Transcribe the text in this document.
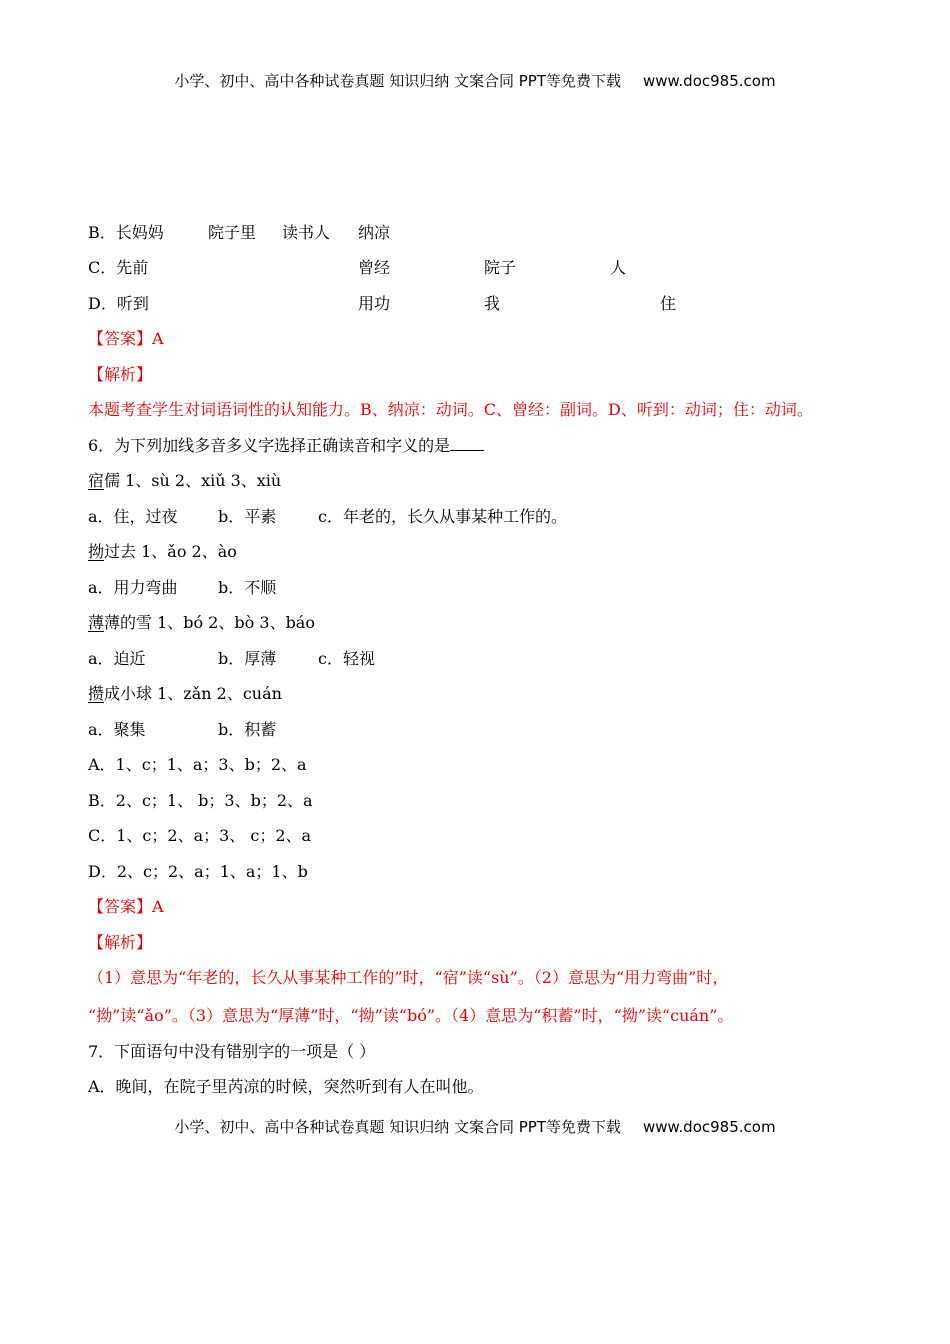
小学、初中、高中各种试卷真题 知识归纳 文案合同 PPT等免费下载 www.doc985.com
B．长妈妈	院子里 读书人 纳凉
C．先前	曾经	院子	人
D．听到	用功	我	住
【答案】A
【解析】
本题考查学生对词语词性的认知能力。B、纳凉：动词。C、曾经：副词。D、听到：动词；住：动词。
6．为下列加线多音多义字选择正确读音和字义的是
宿儒 1、sù 2、xiǔ 3、xiù
a．住，过夜	b．平素	c．年老的，长久从事某种工作的。
拗过去 1、ǎo 2、ào
a．用力弯曲	b．不顺
薄薄的雪 1、bó 2、bò 3、báo
a．迫近	b．厚薄	c．轻视
攒成小球 1、zǎn 2、cuán
a．聚集	b．积蓄
A．1、c；1、a；3、b；2、a
B．2、c；1、 b；3、b；2、a
C．1、c；2、a；3、 c；2、a
D．2、c；2、a；1、a；1、b
【答案】A
【解析】
（1）意思为“年老的，长久从事某种工作的”时，“宿”读“sù”。（2）意思为“用力弯曲”时，
“拗”读“ǎo”。（3）意思为“厚薄”时，“拗”读“bó”。（4）意思为“积蓄”时，“拗”读“cuán”。
7．下面语句中没有错别字的一项是（ ）
A．晚间，在院子里芮凉的时候，突然听到有人在叫他。
小学、初中、高中各种试卷真题 知识归纳 文案合同 PPT等免费下载 www.doc985.com
